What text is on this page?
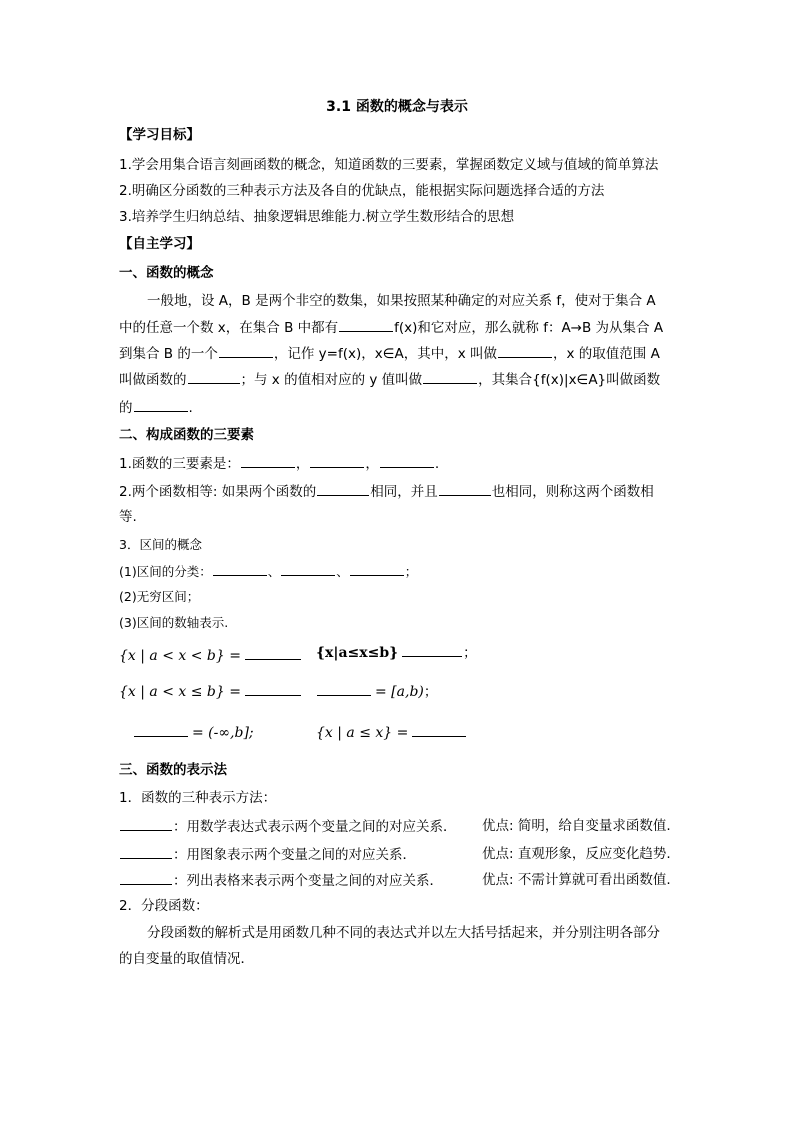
3.1 函数的概念与表示
【学习目标】
1.学会用集合语言刻画函数的概念，知道函数的三要素，掌握函数定义域与值域的简单算法
2.明确区分函数的三种表示方法及各自的优缺点，能根据实际问题选择合适的方法
3.培养学生归纳总结、抽象逻辑思维能力.树立学生数形结合的思想
【自主学习】
一、函数的概念
一般地，设 A，B 是两个非空的数集，如果按照某种确定的对应关系 f，使对于集合 A
中的任意一个数 x，在集合 B 中都有	f(x)和它对应，那么就称 f：A→B 为从集合 A
到集合 B 的一个	，记作 y=f(x)，x∈A，其中，x 叫做	，x 的取值范围 A
叫做函数的	；与 x 的值相对应的 y 值叫做	，其集合{f(x)|x∈A}叫做函数
的	.
二、构成函数的三要素
1.函数的三要素是：	，	，	.
2.两个函数相等: 如果两个函数的	相同，并且	也相同，则称这两个函数相
等.
3．区间的概念
(1)区间的分类：	、	、	；
(2)无穷区间；
(3)区间的数轴表示.
{x | a < x < b} =	{x|a≤x≤b}	；
{x | a < x ≤ b} =	= [a,b)；
= (-∞,b];	{x | a ≤ x} =
三、函数的表示法
1．函数的三种表示方法：
：用数学表达式表示两个变量之间的对应关系． 优点: 简明，给自变量求函数值.
：用图象表示两个变量之间的对应关系．	优点: 直观形象，反应变化趋势.
：列出表格来表示两个变量之间的对应关系．	优点: 不需计算就可看出函数值.
2．分段函数：
分段函数的解析式是用函数几种不同的表达式并以左大括号括起来，并分别注明各部分
的自变量的取值情况．
